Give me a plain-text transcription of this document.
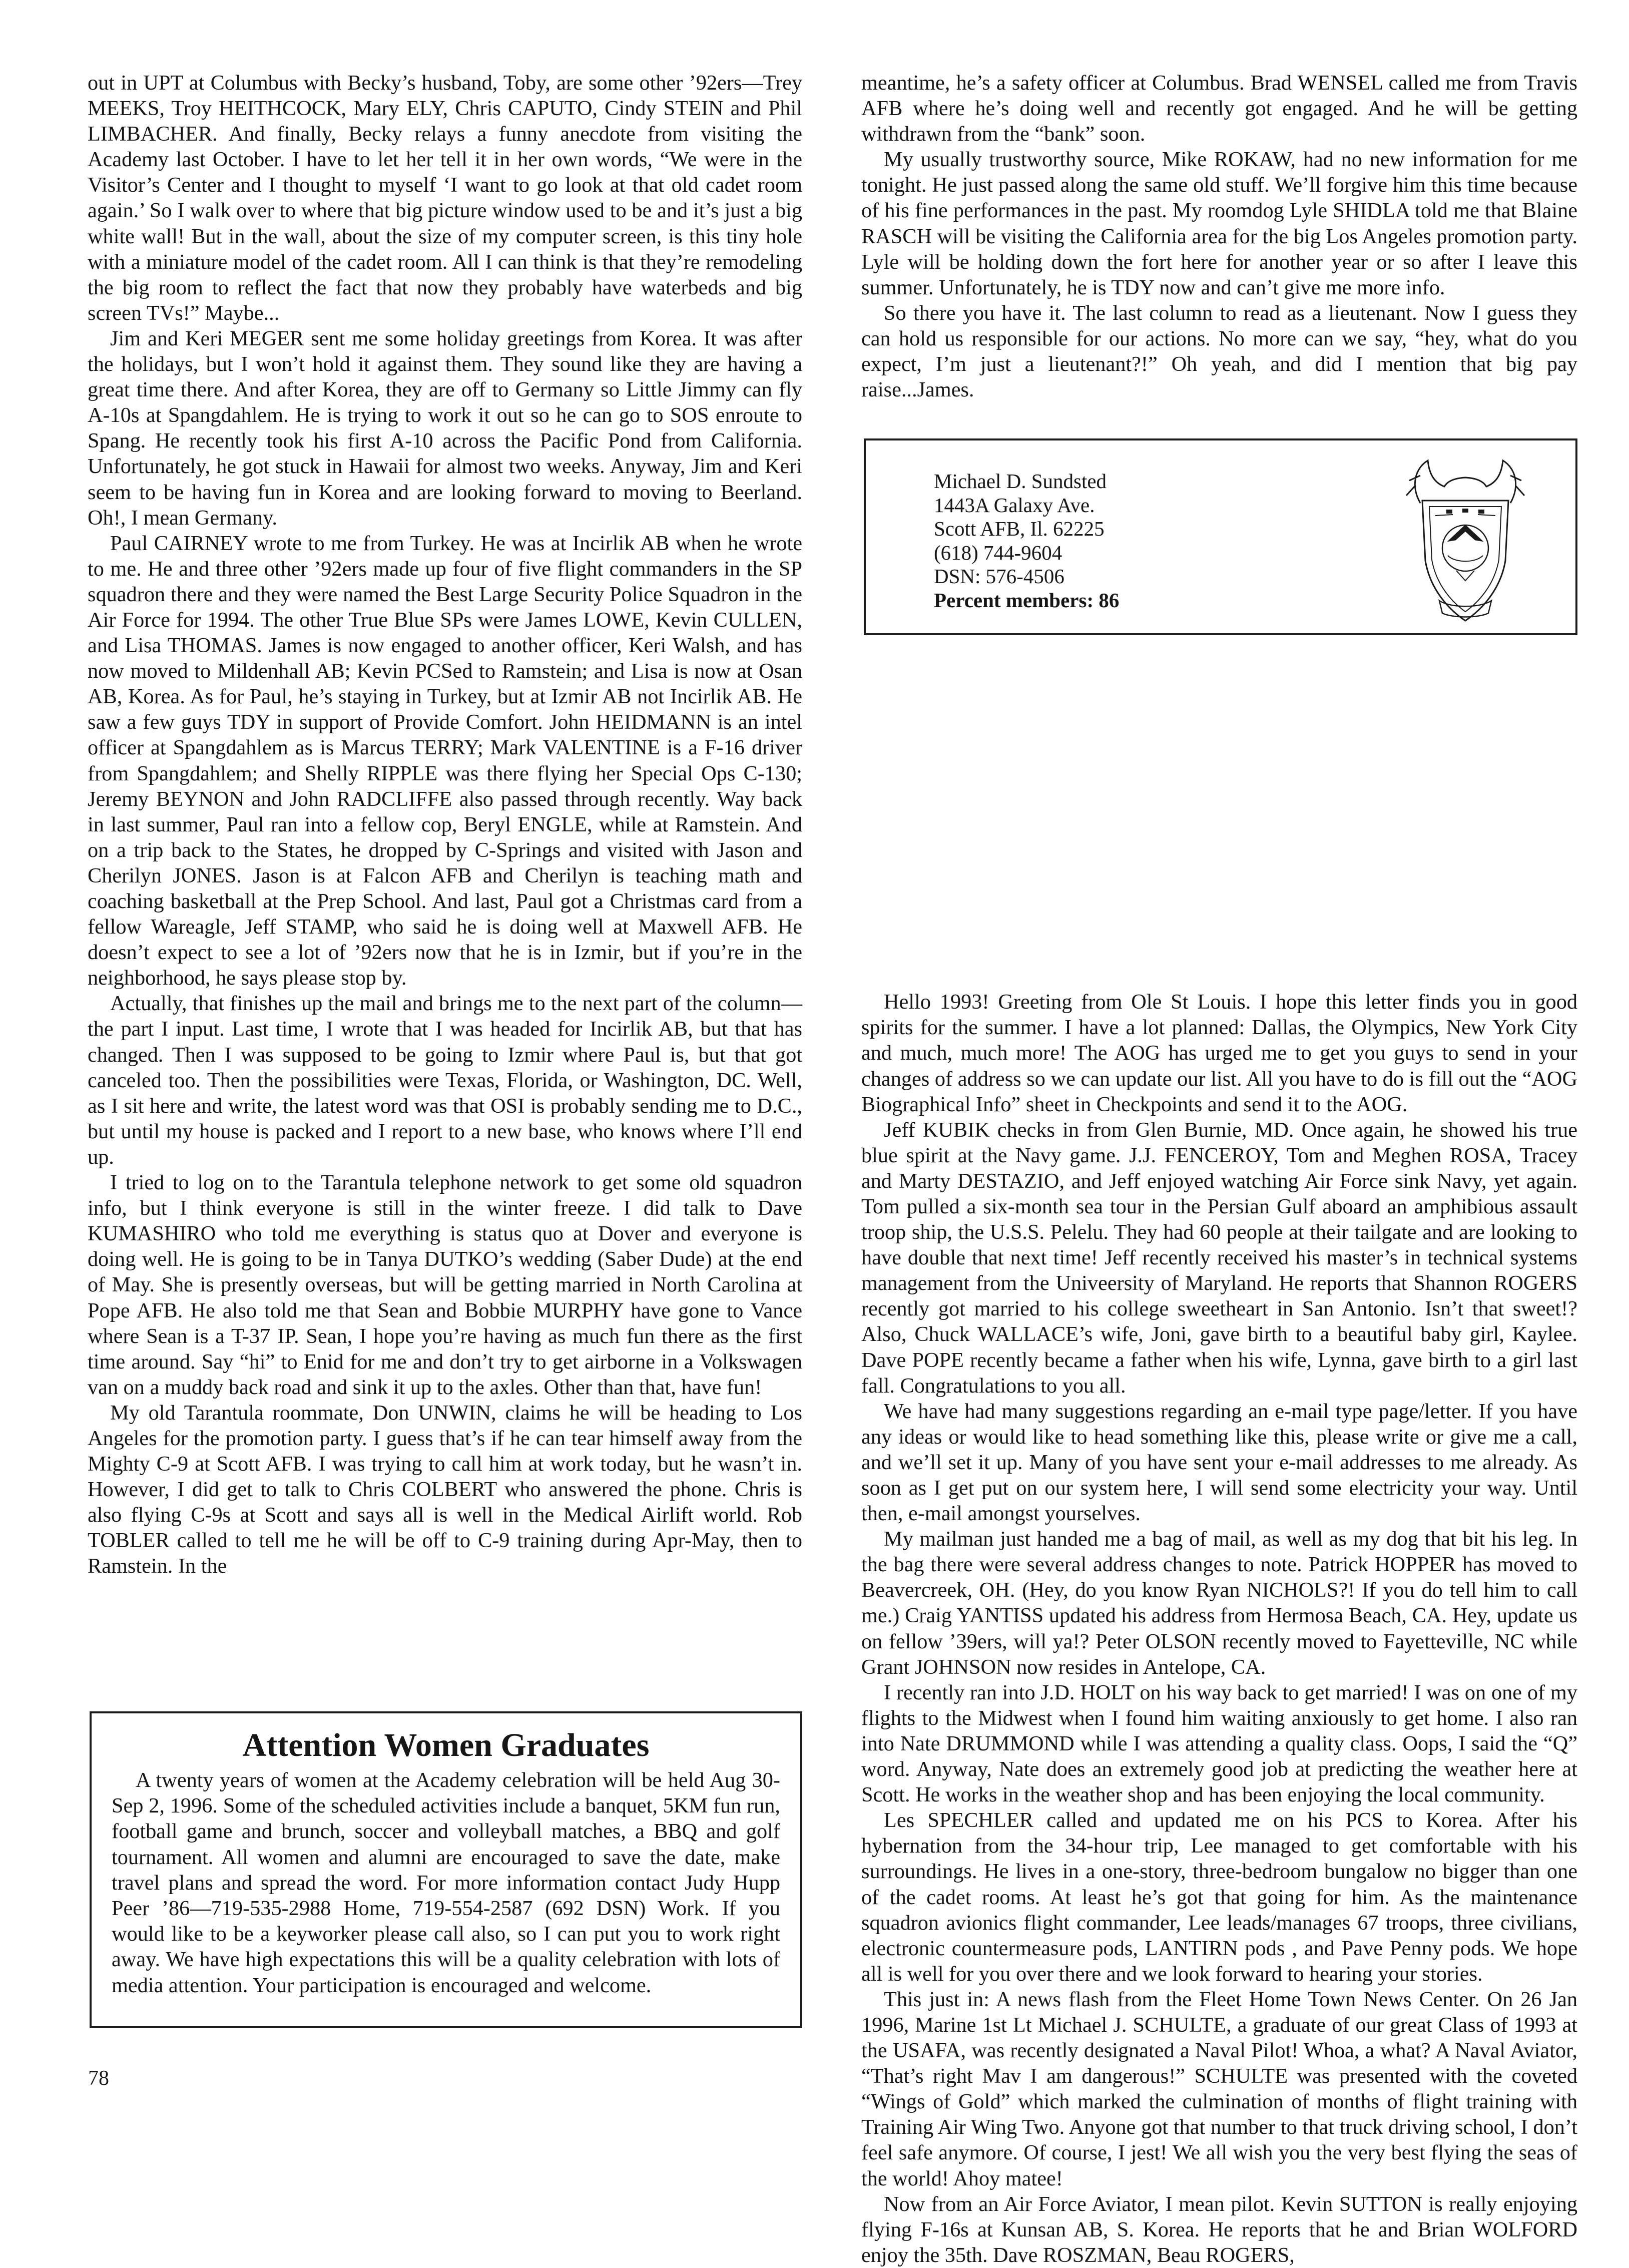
out in UPT at Columbus with Becky’s husband, Toby, are some other ’92ers—Trey MEEKS, Troy HEITHCOCK, Mary ELY, Chris CAPUTO, Cindy STEIN and Phil LIMBACHER. And finally, Becky relays a funny anecdote from visiting the Academy last October. I have to let her tell it in her own words, “We were in the Visitor’s Center and I thought to myself ‘I want to go look at that old cadet room again.’ So I walk over to where that big picture window used to be and it’s just a big white wall! But in the wall, about the size of my computer screen, is this tiny hole with a miniature model of the cadet room. All I can think is that they’re remodeling the big room to reflect the fact that now they probably have waterbeds and big screen TVs!” Maybe...

Jim and Keri MEGER sent me some holiday greetings from Korea. It was after the holidays, but I won’t hold it against them. They sound like they are having a great time there. And after Korea, they are off to Germany so Little Jimmy can fly A-10s at Spangdahlem. He is trying to work it out so he can go to SOS enroute to Spang. He recently took his first A-10 across the Pacific Pond from California. Unfortunately, he got stuck in Hawaii for almost two weeks. Anyway, Jim and Keri seem to be having fun in Korea and are looking forward to moving to Beerland. Oh!, I mean Germany.

Paul CAIRNEY wrote to me from Turkey. He was at Incirlik AB when he wrote to me. He and three other ’92ers made up four of five flight commanders in the SP squadron there and they were named the Best Large Security Police Squadron in the Air Force for 1994. The other True Blue SPs were James LOWE, Kevin CULLEN, and Lisa THOMAS. James is now engaged to another officer, Keri Walsh, and has now moved to Mildenhall AB; Kevin PCSed to Ramstein; and Lisa is now at Osan AB, Korea. As for Paul, he’s staying in Turkey, but at Izmir AB not Incirlik AB. He saw a few guys TDY in support of Provide Comfort. John HEIDMANN is an intel officer at Spangdahlem as is Marcus TERRY; Mark VALENTINE is a F-16 driver from Spangdahlem; and Shelly RIPPLE was there flying her Special Ops C-130; Jeremy BEYNON and John RADCLIFFE also passed through recently. Way back in last summer, Paul ran into a fellow cop, Beryl ENGLE, while at Ramstein. And on a trip back to the States, he dropped by C-Springs and visited with Jason and Cherilyn JONES. Jason is at Falcon AFB and Cherilyn is teaching math and coaching basketball at the Prep School. And last, Paul got a Christmas card from a fellow Wareagle, Jeff STAMP, who said he is doing well at Maxwell AFB. He doesn’t expect to see a lot of ’92ers now that he is in Izmir, but if you’re in the neighborhood, he says please stop by.

Actually, that finishes up the mail and brings me to the next part of the column—the part I input. Last time, I wrote that I was headed for Incirlik AB, but that has changed. Then I was supposed to be going to Izmir where Paul is, but that got canceled too. Then the possibilities were Texas, Florida, or Washington, DC. Well, as I sit here and write, the latest word was that OSI is probably sending me to D.C., but until my house is packed and I report to a new base, who knows where I’ll end up.

I tried to log on to the Tarantula telephone network to get some old squadron info, but I think everyone is still in the winter freeze. I did talk to Dave KUMASHIRO who told me everything is status quo at Dover and everyone is doing well. He is going to be in Tanya DUTKO’s wedding (Saber Dude) at the end of May. She is presently overseas, but will be getting married in North Carolina at Pope AFB. He also told me that Sean and Bobbie MURPHY have gone to Vance where Sean is a T-37 IP. Sean, I hope you’re having as much fun there as the first time around. Say “hi” to Enid for me and don’t try to get airborne in a Volkswagen van on a muddy back road and sink it up to the axles. Other than that, have fun!

My old Tarantula roommate, Don UNWIN, claims he will be heading to Los Angeles for the promotion party. I guess that’s if he can tear himself away from the Mighty C-9 at Scott AFB. I was trying to call him at work today, but he wasn’t in. However, I did get to talk to Chris COLBERT who answered the phone. Chris is also flying C-9s at Scott and says all is well in the Medical Airlift world. Rob TOBLER called to tell me he will be off to C-9 training during Apr-May, then to Ramstein. In the

Attention Women Graduates

A twenty years of women at the Academy celebration will be held Aug 30-Sep 2, 1996. Some of the scheduled activities include a banquet, 5KM fun run, football game and brunch, soccer and volleyball matches, a BBQ and golf tournament. All women and alumni are encouraged to save the date, make travel plans and spread the word. For more information contact Judy Hupp Peer ’86—719-535-2988 Home, 719-554-2587 (692 DSN) Work. If you would like to be a keyworker please call also, so I can put you to work right away. We have high expectations this will be a quality celebration with lots of media attention. Your participation is encouraged and welcome.

meantime, he’s a safety officer at Columbus. Brad WENSEL called me from Travis AFB where he’s doing well and recently got engaged. And he will be getting withdrawn from the “bank” soon.

My usually trustworthy source, Mike ROKAW, had no new information for me tonight. He just passed along the same old stuff. We’ll forgive him this time because of his fine performances in the past. My roomdog Lyle SHIDLA told me that Blaine RASCH will be visiting the California area for the big Los Angeles promotion party. Lyle will be holding down the fort here for another year or so after I leave this summer. Unfortunately, he is TDY now and can’t give me more info.

So there you have it. The last column to read as a lieutenant. Now I guess they can hold us responsible for our actions. No more can we say, “hey, what do you expect, I’m just a lieutenant?!” Oh yeah, and did I mention that big pay raise...James.

Hello 1993! Greeting from Ole St Louis. I hope this letter finds you in good spirits for the summer. I have a lot planned: Dallas, the Olympics, New York City and much, much more! The AOG has urged me to get you guys to send in your changes of address so we can update our list. All you have to do is fill out the “AOG Biographical Info” sheet in Checkpoints and send it to the AOG.

Jeff KUBIK checks in from Glen Burnie, MD. Once again, he showed his true blue spirit at the Navy game. J.J. FENCEROY, Tom and Meghen ROSA, Tracey and Marty DESTAZIO, and Jeff enjoyed watching Air Force sink Navy, yet again. Tom pulled a six-month sea tour in the Persian Gulf aboard an amphibious assault troop ship, the U.S.S. Pelelu. They had 60 people at their tailgate and are looking to have double that next time! Jeff recently received his master’s in technical systems management from the Univeersity of Maryland. He reports that Shannon ROGERS recently got married to his college sweetheart in San Antonio. Isn’t that sweet!? Also, Chuck WALLACE’s wife, Joni, gave birth to a beautiful baby girl, Kaylee. Dave POPE recently became a father when his wife, Lynna, gave birth to a girl last fall. Congratulations to you all.

We have had many suggestions regarding an e-mail type page/letter. If you have any ideas or would like to head something like this, please write or give me a call, and we’ll set it up. Many of you have sent your e-mail addresses to me already. As soon as I get put on our system here, I will send some electricity your way. Until then, e-mail amongst yourselves.

My mailman just handed me a bag of mail, as well as my dog that bit his leg. In the bag there were several address changes to note. Patrick HOPPER has moved to Beavercreek, OH. (Hey, do you know Ryan NICHOLS?! If you do tell him to call me.) Craig YANTISS updated his address from Hermosa Beach, CA. Hey, update us on fellow ’39ers, will ya!? Peter OLSON recently moved to Fayetteville, NC while Grant JOHNSON now resides in Antelope, CA.

I recently ran into J.D. HOLT on his way back to get married! I was on one of my flights to the Midwest when I found him waiting anxiously to get home. I also ran into Nate DRUMMOND while I was attending a quality class. Oops, I said the “Q” word. Anyway, Nate does an extremely good job at predicting the weather here at Scott. He works in the weather shop and has been enjoying the local community.

Les SPECHLER called and updated me on his PCS to Korea. After his hybernation from the 34-hour trip, Lee managed to get comfortable with his surroundings. He lives in a one-story, three-bedroom bungalow no bigger than one of the cadet rooms. At least he’s got that going for him. As the maintenance squadron avionics flight commander, Lee leads/manages 67 troops, three civilians, electronic countermeasure pods, LANTIRN pods , and Pave Penny pods. We hope all is well for you over there and we look forward to hearing your stories.

This just in: A news flash from the Fleet Home Town News Center. On 26 Jan 1996, Marine 1st Lt Michael J. SCHULTE, a graduate of our great Class of 1993 at the USAFA, was recently designated a Naval Pilot! Whoa, a what? A Naval Aviator, “That’s right Mav I am dangerous!” SCHULTE was presented with the coveted “Wings of Gold” which marked the culmination of months of flight training with Training Air Wing Two. Anyone got that number to that truck driving school, I don’t feel safe anymore. Of course, I jest! We all wish you the very best flying the seas of the world! Ahoy matee!

Now from an Air Force Aviator, I mean pilot. Kevin SUTTON is really enjoying flying F-16s at Kunsan AB, S. Korea. He reports that he and Brian WOLFORD enjoy the 35th. Dave ROSZMAN, Beau ROGERS,

Michael D. Sundsted
1443A Galaxy Ave.
Scott AFB, Il. 62225
(618) 744-9604
DSN: 576-4506
Percent members: 86
78
